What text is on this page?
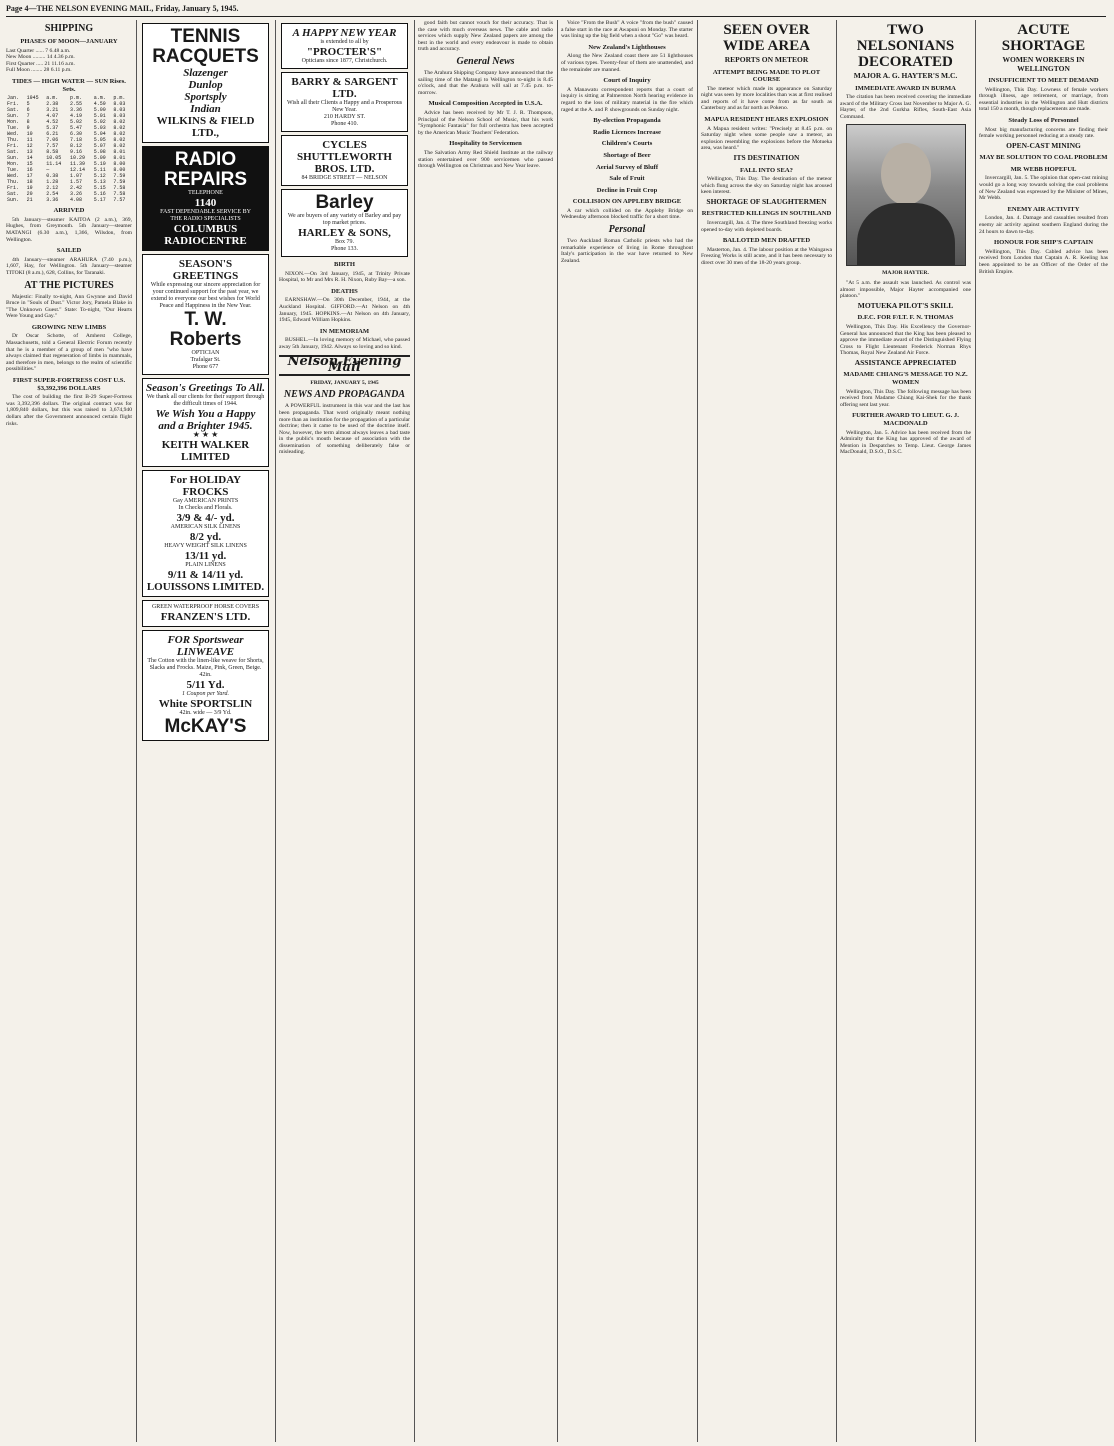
Page 4—THE NELSON EVENING MAIL, Friday, January 5, 1945.
SHIPPING
PHASES OF MOON—JANUARY
Last Quarter ...... 7 6.48 a.m.
New Moon ......... 14 4.36 p.m.
First Quarter ..... 21 11.16 a.m.
Full Moon ........ 28 6.11 p.m.
TIDES — HIGH WATER — SUN Rises. Sets.
Jan.	1945	a.m.	p.m.	a.m.	p.m.
Fri.	5	2.38	2.55	4.59	8.03
Sat.	6	3.21	3.36	5.00	8.03
Sun.	7	4.07	4.19	5.01	8.03
Mon.	8	4.52	5.02	5.02	8.02
Tue.	9	5.37	5.47	5.03	8.02
Wed.	10	6.21	6.30	5.04	8.02
Thu.	11	7.06	7.18	5.05	8.02
Fri.	12	7.57	8.12	5.07	8.02
Sat.	13	8.58	9.16	5.08	8.01
Sun.	14	10.05	10.29	5.09	8.01
Mon.	15	11.14	11.39	5.10	8.00
Tue.	16	—	12.14	5.11	8.00
Wed.	17	0.38	1.07	5.12	7.59
Thu.	18	1.28	1.57	5.13	7.59
Fri.	19	2.12	2.42	5.15	7.58
Sat.	20	2.54	3.26	5.16	7.58
Sun.	21	3.36	4.08	5.17	7.57
ARRIVED

5th January—steamer KAITOA (2 a.m.), 369, Hughes, from Greymouth. 5th January—steamer MATANGI (6.30 a.m.), 1,366, Wilsdon, from Wellington.

SAILED

4th January—steamer ARAHURA (7.40 p.m.), 1,607, Hay, for Wellington. 5th January—steamer TITOKI (8 a.m.), 628, Collins, for Taranaki.

AT THE PICTURES

Majestic: Finally to-night, Ann Gwynne and David Bruce in "Souls of Dust." Victor Jory, Pamela Blake in "The Unknown Guest." State: To-night, "Our Hearts Were Young and Gay."

GROWING NEW LIMBS

Dr Oscar Schotte, of Amherst College, Massachusetts, told a General Electric Forum recently that he is a member of a group of men "who have always claimed that regeneration of limbs in mammals, and therefore in men, belongs to the realm of scientific possibilities."

FIRST SUPER-FORTRESS COST U.S. $3,392,396 DOLLARS

The cost of building the first B-29 Super-Fortress was 3,392,396 dollars. The original contract was for 1,809,840 dollars, but this was raised to 3,674,940 dollars after the Government announced certain flight risks.

TENNIS RACQUETS
Slazenger
Dunlop
Sportsply
Indian
WILKINS & FIELD LTD.,
RADIO REPAIRS
TELEPHONE
1140
FAST DEPENDABLE SERVICE BY
THE RADIO SPECIALISTS
COLUMBUS RADIOCENTRE
SEASON'S GREETINGS
While expressing our sincere appreciation for your continued support for the past year, we extend to everyone our best wishes for World Peace and Happiness in the New Year.
T. W. Roberts
OPTICIAN
Trafalgar St.
Phone 677
Season's Greetings To All.
We thank all our clients for their support through the difficult times of 1944.
We Wish You a Happy and a Brighter 1945.
★ ★ ★
KEITH WALKER LIMITED
For HOLIDAY FROCKS
Gay AMERICAN PRINTS
In Checks and Florals.
3/9 & 4/- yd.
AMERICAN SILK LINENS
8/2 yd.
HEAVY WEIGHT SILK LINENS
13/11 yd.
PLAIN LINENS
9/11 & 14/11 yd.
LOUISSONS LIMITED.
GREEN WATERPROOF HORSE COVERS
FRANZEN'S LTD.
FOR Sportswear LINWEAVE
The Cotton with the linen-like weave for Shorts, Slacks and Frocks. Maize, Pink, Green, Beige. 42in.
5/11 Yd.
1 Coupon per Yard.
White SPORTSLIN
42in. wide — 3/9 Yd.
McKAY'S
A HAPPY NEW YEAR
is extended to all by
"PROCTER'S"
Opticians since 1877, Christchurch.
BARRY & SARGENT LTD.
Wish all their Clients a Happy and a Prosperous New Year.
210 HARDY ST.
Phone 410.
CYCLES
SHUTTLEWORTH BROS. LTD.
84 BRIDGE STREET — NELSON
Barley
We are buyers of any variety of Barley and pay top market prices.
HARLEY & SONS,
Box 79.
Phone 133.
BIRTH

NIXON.—On 3rd January, 1945, at Trinity Private Hospital, to Mr and Mrs R. H. Nixon, Ruby Bay—a son.

DEATHS

EARNSHAW.—On 30th December, 1944, at the Auckland Hospital. GIFFORD.—At Nelson on 4th January, 1945. HOPKINS.—At Nelson on 4th January, 1945, Edward William Hopkins.

IN MEMORIAM

BUSHEL.—In loving memory of Michael, who passed away 5th January, 1942. Always so loving and so kind.

Nelson Evening Mail
FRIDAY, JANUARY 5, 1945
NEWS AND PROPAGANDA

A POWERFUL instrument in this war and the last has been propaganda. That word originally meant nothing more than an institution for the propagation of a particular doctrine; then it came to be used of the doctrine itself. Now, however, the term almost always leaves a bad taste in the public's mouth because of association with the dissemination of something deliberately false or misleading.

good faith but cannot vouch for their accuracy. That is the case with much overseas news. The cable and radio services which supply New Zealand papers are among the best in the world and every endeavour is made to obtain truth and accuracy.

General News

The Arahura Shipping Company have announced that the sailing time of the Matangi to Wellington to-night is 8.45 o'clock, and that the Arahura will sail at 7.45 p.m. to-morrow.

Musical Composition Accepted in U.S.A.

Advice has been received by Mr T. J. R. Thompson, Principal of the Nelson School of Music, that his work "Symphonic Fantasia" for full orchestra has been accepted by the American Music Teachers' Federation.

Hospitality to Servicemen

The Salvation Army Red Shield Institute at the railway station entertained over 900 servicemen who passed through Wellington on Christmas and New Year leave.

Voice "From the Bush" A voice "from the bush" caused a false start in the race at Awapuni on Monday. The starter was lining up the big field when a shout "Go" was heard.

New Zealand's Lighthouses

Along the New Zealand coast there are 51 lighthouses of various types. Twenty-four of them are unattended, and the remainder are manned.

Court of Inquiry

A Manawatu correspondent reports that a court of inquiry is sitting at Palmerston North hearing evidence in regard to the loss of military material in the fire which raged at the A. and P. showgrounds on Sunday night.

By-election Propaganda
Radio Licences Increase
Children's Courts
Shortage of Beer
Aerial Survey of Bluff
Sale of Fruit
Decline in Fruit Crop
COLLISION ON APPLEBY BRIDGE

A car which collided on the Appleby Bridge on Wednesday afternoon blocked traffic for a short time.

Personal

Two Auckland Roman Catholic priests who had the remarkable experience of living in Rome throughout Italy's participation in the war have returned to New Zealand.

SEEN OVER WIDE AREA
REPORTS ON METEOR
ATTEMPT BEING MADE TO PLOT COURSE

The meteor which made its appearance on Saturday night was seen by more localities than was at first realised and reports of it have come from as far south as Canterbury and as far north as Pokeno.

MAPUA RESIDENT HEARS EXPLOSION

A Mapua resident writes: "Precisely at 8.45 p.m. on Saturday night when some people saw a meteor, an explosion resembling the explosions before the Motueka area, was heard."

ITS DESTINATION
FALL INTO SEA?

Wellington, This Day. The destination of the meteor which flung across the sky on Saturday night has aroused keen interest.

SHORTAGE OF SLAUGHTERMEN
RESTRICTED KILLINGS IN SOUTHLAND

Invercargill, Jan. 4. The three Southland freezing works opened to-day with depleted boards.

BALLOTED MEN DRAFTED

Masterton, Jan. 4. The labour position at the Waingawa Freezing Works is still acute, and it has been necessary to direct over 30 men of the 18-20 years group.

TWO NELSONIANS DECORATED
MAJOR A. G. HAYTER'S M.C.
IMMEDIATE AWARD IN BURMA

The citation has been received covering the immediate award of the Military Cross last November to Major A. G. Hayter, of the 2nd Gurkha Rifles, South-East Asia Command.

MAJOR HAYTER.

"At 5 a.m. the assault was launched. As control was almost impossible, Major Hayter accompanied one platoon."

MOTUEKA PILOT'S SKILL
D.F.C. FOR F/LT. F. N. THOMAS

Wellington, This Day. His Excellency the Governor-General has announced that the King has been pleased to approve the immediate award of the Distinguished Flying Cross to Flight Lieutenant Frederick Norman Rhys Thomas, Royal New Zealand Air Force.

ASSISTANCE APPRECIATED
MADAME CHIANG'S MESSAGE TO N.Z. WOMEN

Wellington, This Day. The following message has been received from Madame Chiang Kai-Shek for the thank offering sent last year.

FURTHER AWARD TO LIEUT. G. J. MACDONALD

Wellington, Jan. 5. Advice has been received from the Admiralty that the King has approved of the award of Mention in Despatches to Temp. Lieut. George James MacDonald, D.S.O., D.S.C.

ACUTE SHORTAGE
WOMEN WORKERS IN WELLINGTON
INSUFFICIENT TO MEET DEMAND

Wellington, This Day. Lowness of female workers through illness, age retirement, or marriage, from essential industries in the Wellington and Hutt districts total 150 a month, though replacements are made.

Steady Loss of Personnel

Most big manufacturing concerns are finding their female working personnel reducing at a steady rate.

OPEN-CAST MINING
MAY BE SOLUTION TO COAL PROBLEM
MR WEBB HOPEFUL

Invercargill, Jan. 5. The opinion that open-cast mining would go a long way towards solving the coal problems of New Zealand was expressed by the Minister of Mines, Mr Webb.

ENEMY AIR ACTIVITY

London, Jan. 4. Damage and casualties resulted from enemy air activity against southern England during the 24 hours to dawn to-day.

HONOUR FOR SHIP'S CAPTAIN

Wellington, This Day. Cabled advice has been received from London that Captain A. R. Keeling has been appointed to be an Officer of the Order of the British Empire.
